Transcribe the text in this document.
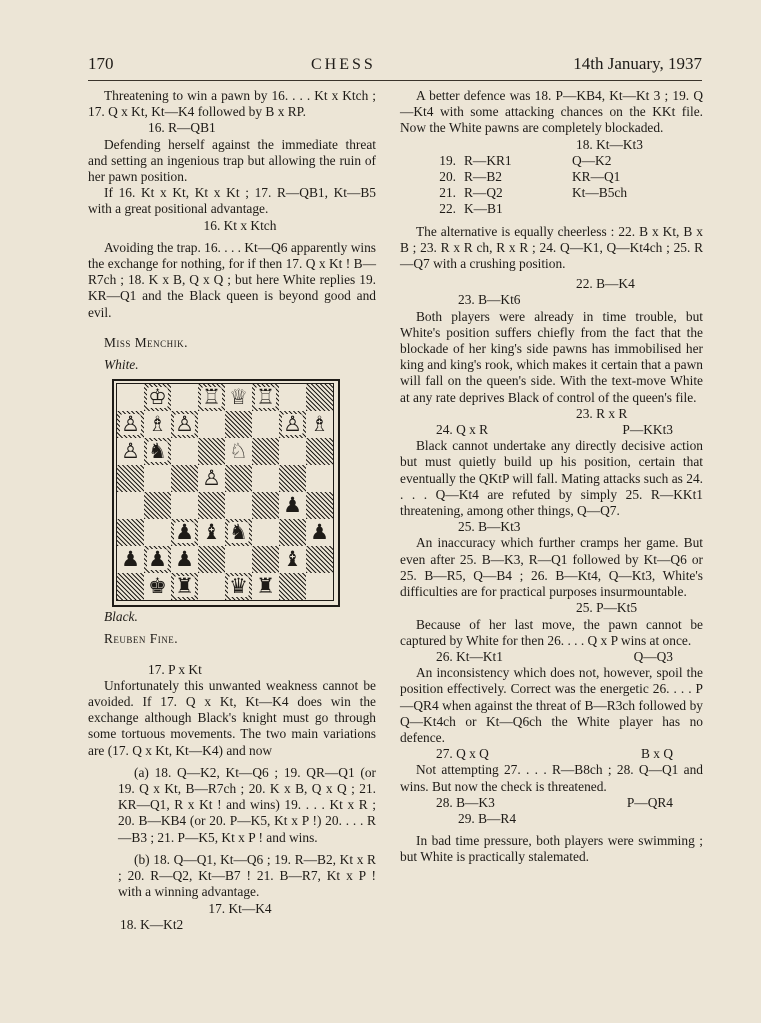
170	CHESS	14th January, 1937

Threatening to win a pawn by 16. . . . Kt x Ktch ; 17. Q x Kt, Kt—K4 followed by B x RP.

16. R—QB1

Defending herself against the immediate threat and setting an ingenious trap but allowing the ruin of her pawn position.

If 16. Kt x Kt, Kt x Kt ; 17. R—QB1, Kt—B5 with a great positional advantage.

16. Kt x Ktch

Avoiding the trap. 16. . . . Kt—Q6 apparently wins the exchange for nothing, for if then 17. Q x Kt ! B—R7ch ; 18. K x B, Q x Q ; but here White replies 19. KR—Q1 and the Black queen is beyond good and evil.

Miss Menchik.

White.

♔ ♖ ♕ ♖
♙ ♗ ♙	♙ ♗
♙ ♞	♘
♙
♟
♟ ♝ ♞	♟
♟ ♟ ♟	♝
♚ ♜ ♛ ♜

Black.

Reuben Fine.

17. P x Kt

Unfortunately this unwanted weakness cannot be avoided. If 17. Q x Kt, Kt—K4 does win the exchange although Black's knight must go through some tortuous movements. The two main variations are (17. Q x Kt, Kt—K4) and now

(a) 18. Q—K2, Kt—Q6 ; 19. QR—Q1 (or 19. Q x Kt, B—R7ch ; 20. K x B, Q x Q ; 21. KR—Q1, R x Kt ! and wins) 19. . . . Kt x R ; 20. B—KB4 (or 20. P—K5, Kt x P !) 20. . . . R—B3 ; 21. P—K5, Kt x P ! and wins.

(b) 18. Q—Q1, Kt—Q6 ; 19. R—B2, Kt x R ; 20. R—Q2, Kt—B7 ! 21. B—R7, Kt x P ! with a winning advantage.

17. Kt—K4

18. K—Kt2

A better defence was 18. P—KB4, Kt—Kt 3 ; 19. Q—Kt4 with some attacking chances on the KKt file. Now the White pawns are completely blockaded.

18. Kt—Kt3

19.	R—KR1	Q—K2
20.	R—B2	KR—Q1
21.	R—Q2	Kt—B5ch
22.	K—B1	

The alternative is equally cheerless : 22. B x Kt, B x B ; 23. R x R ch, R x R ; 24. Q—K1, Q—Kt4ch ; 25. R—Q7 with a crushing position.

22. B—K4

23. B—Kt6

Both players were already in time trouble, but White's position suffers chiefly from the fact that the blockade of her king's side pawns has immobilised her king and king's rook, which makes it certain that a pawn will fall on the queen's side. With the text-move White at any rate deprives Black of control of the queen's file.

23. R x R

24. Q x R	P—KKt3

Black cannot undertake any directly decisive action but must quietly build up his position, certain that eventually the QKtP will fall. Mating attacks such as 24. . . . Q—Kt4 are refuted by simply 25. R—KKt1 threatening, among other things, Q—Q7.

25. B—Kt3

An inaccuracy which further cramps her game. But even after 25. B—K3, R—Q1 followed by Kt—Q6 or 25. B—R5, Q—B4 ; 26. B—Kt4, Q—Kt3, White's difficulties are for practical purposes insurmountable.

25. P—Kt5

Because of her last move, the pawn cannot be captured by White for then 26. . . . Q x P wins at once.

26. Kt—Kt1	Q—Q3

An inconsistency which does not, however, spoil the position effectively. Correct was the energetic 26. . . . P—QR4 when against the threat of B—R3ch followed by Q—Kt4ch or Kt—Q6ch the White player has no defence.

27. Q x Q	B x Q

Not attempting 27. . . . R—B8ch ; 28. Q—Q1 and wins. But now the check is threatened.

28. B—K3	P—QR4

29. B—R4

In bad time pressure, both players were swimming ; but White is practically stalemated.
